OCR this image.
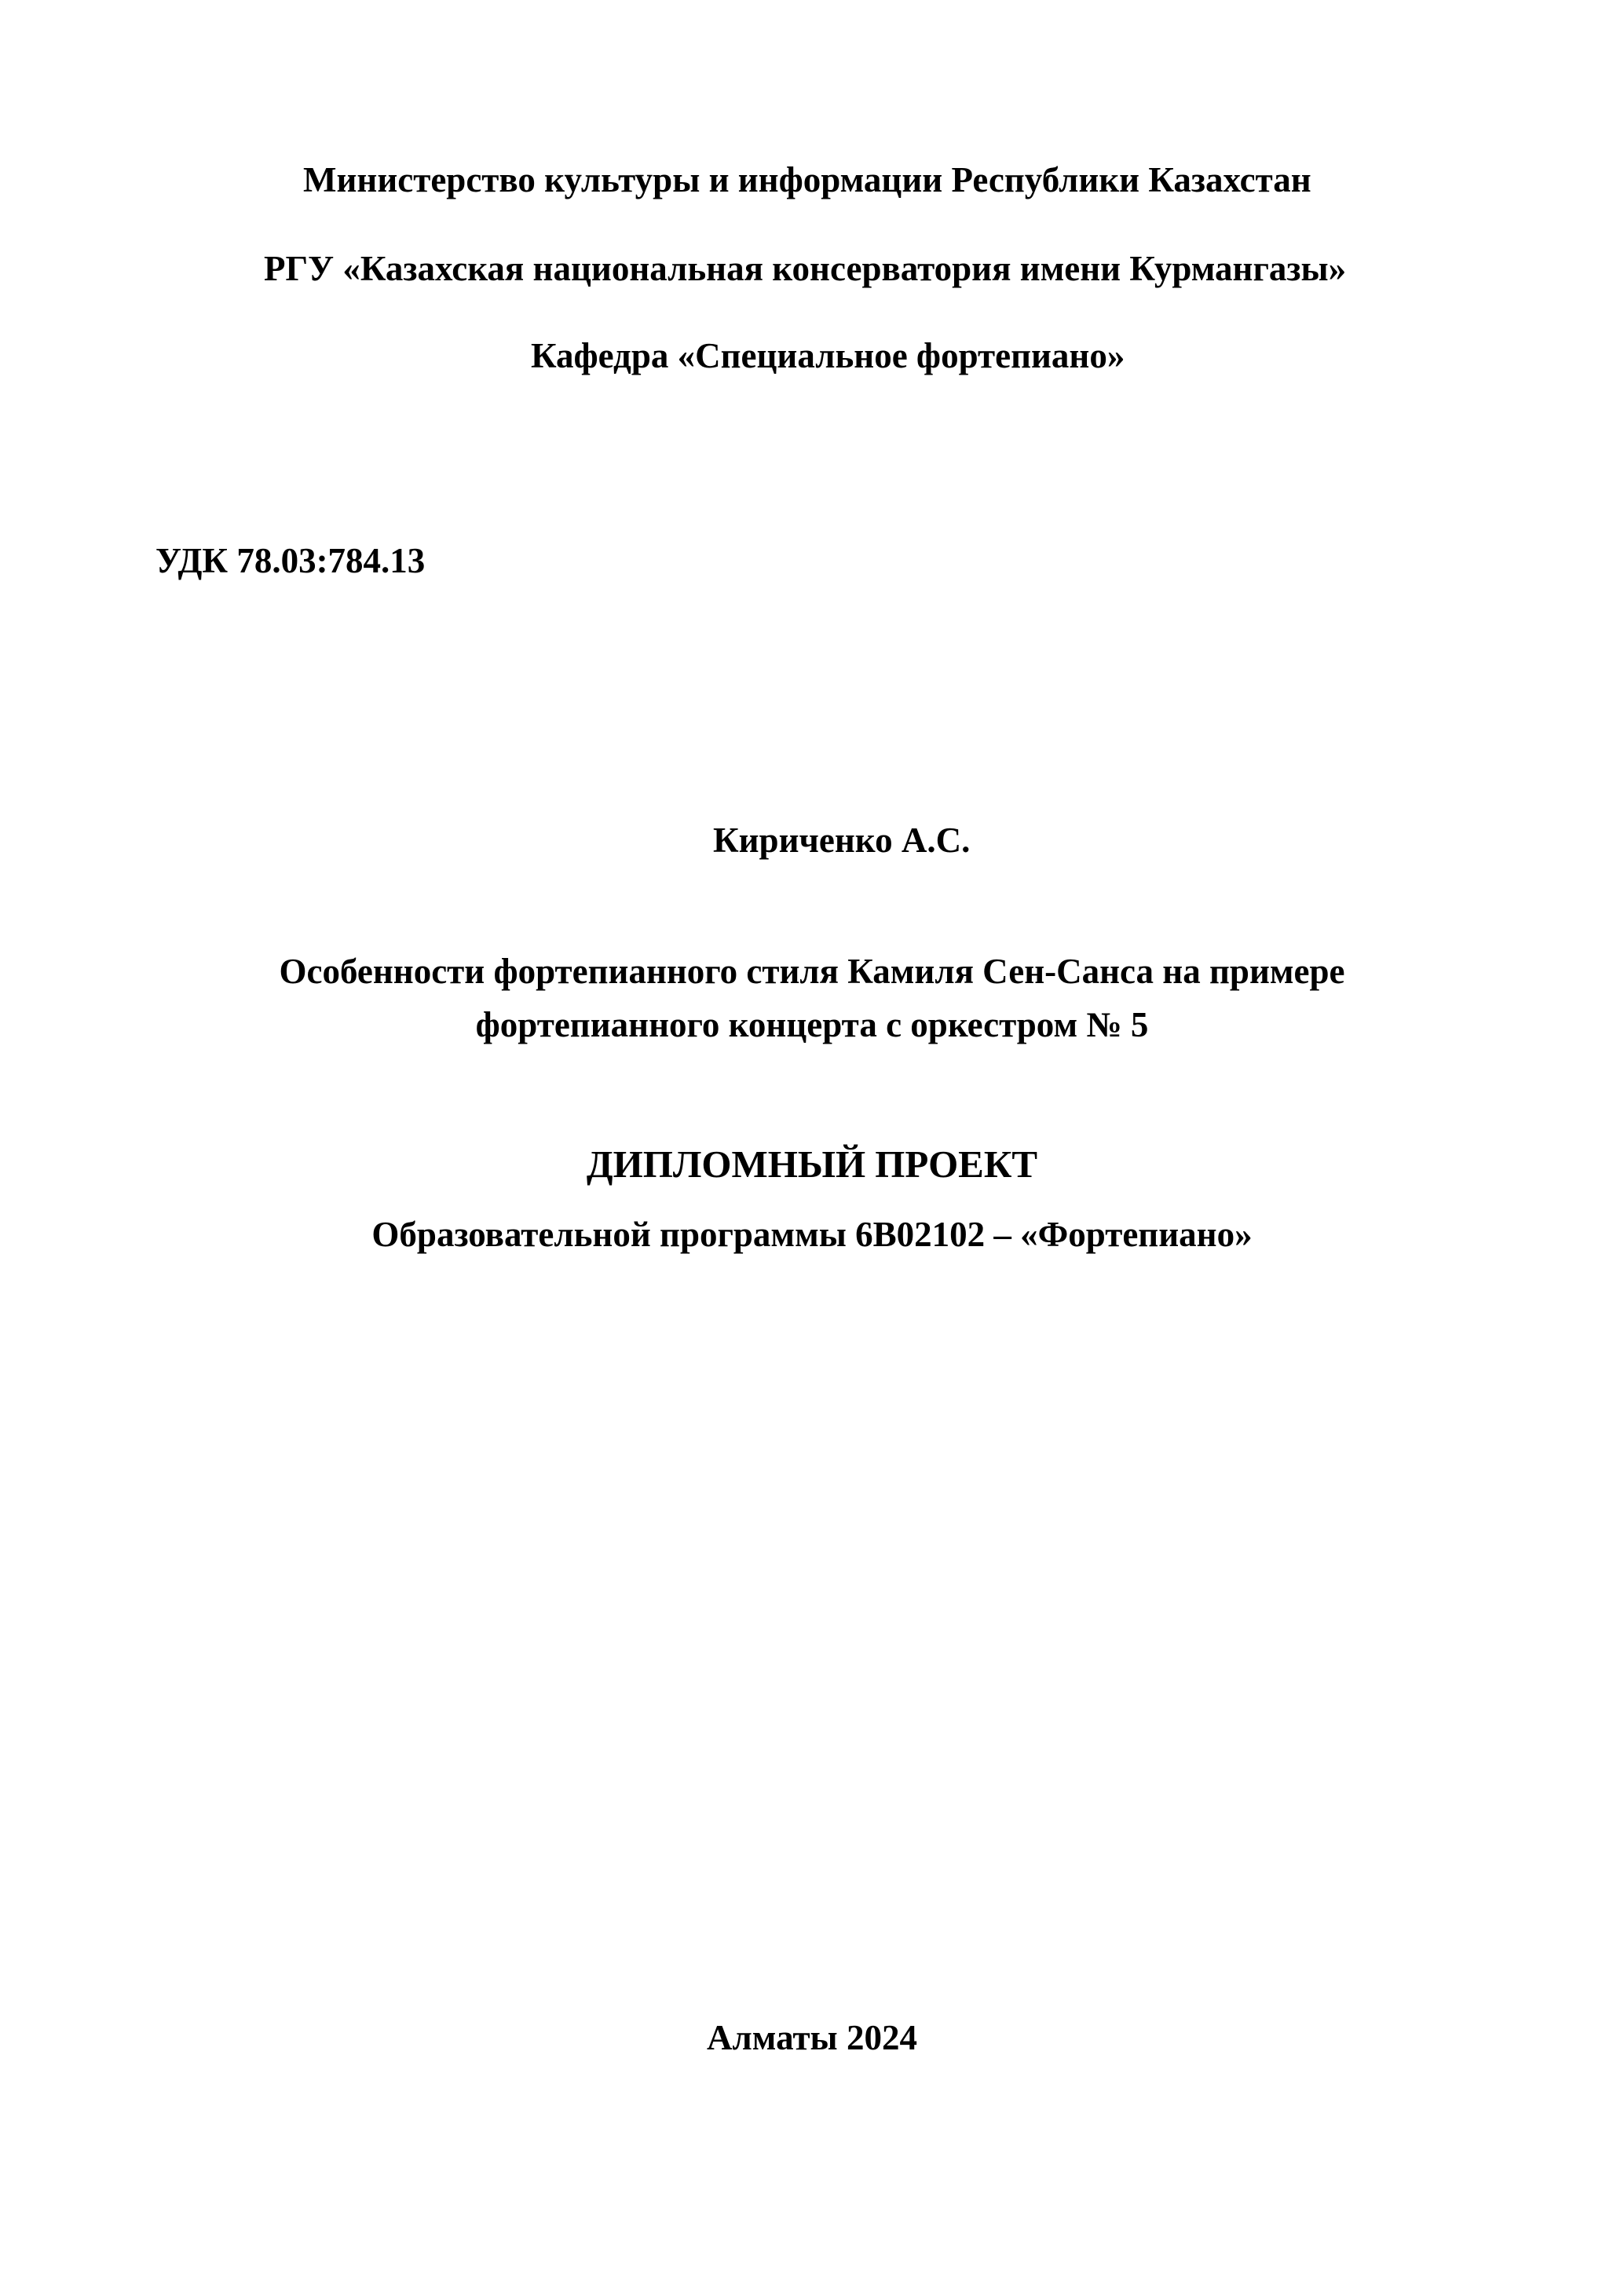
Министерство культуры и информации Республики Казахстан
РГУ «Казахская национальная консерватория имени Курмангазы»
Кафедра «Специальное фортепиано»
УДК 78.03:784.13
Кириченко А.С.
Особенности фортепианного стиля Камиля Сен-Санса на примере
фортепианного концерта с оркестром № 5
ДИПЛОМНЫЙ ПРОЕКТ
Образовательной программы 6В02102 – «Фортепиано»
Алматы 2024
